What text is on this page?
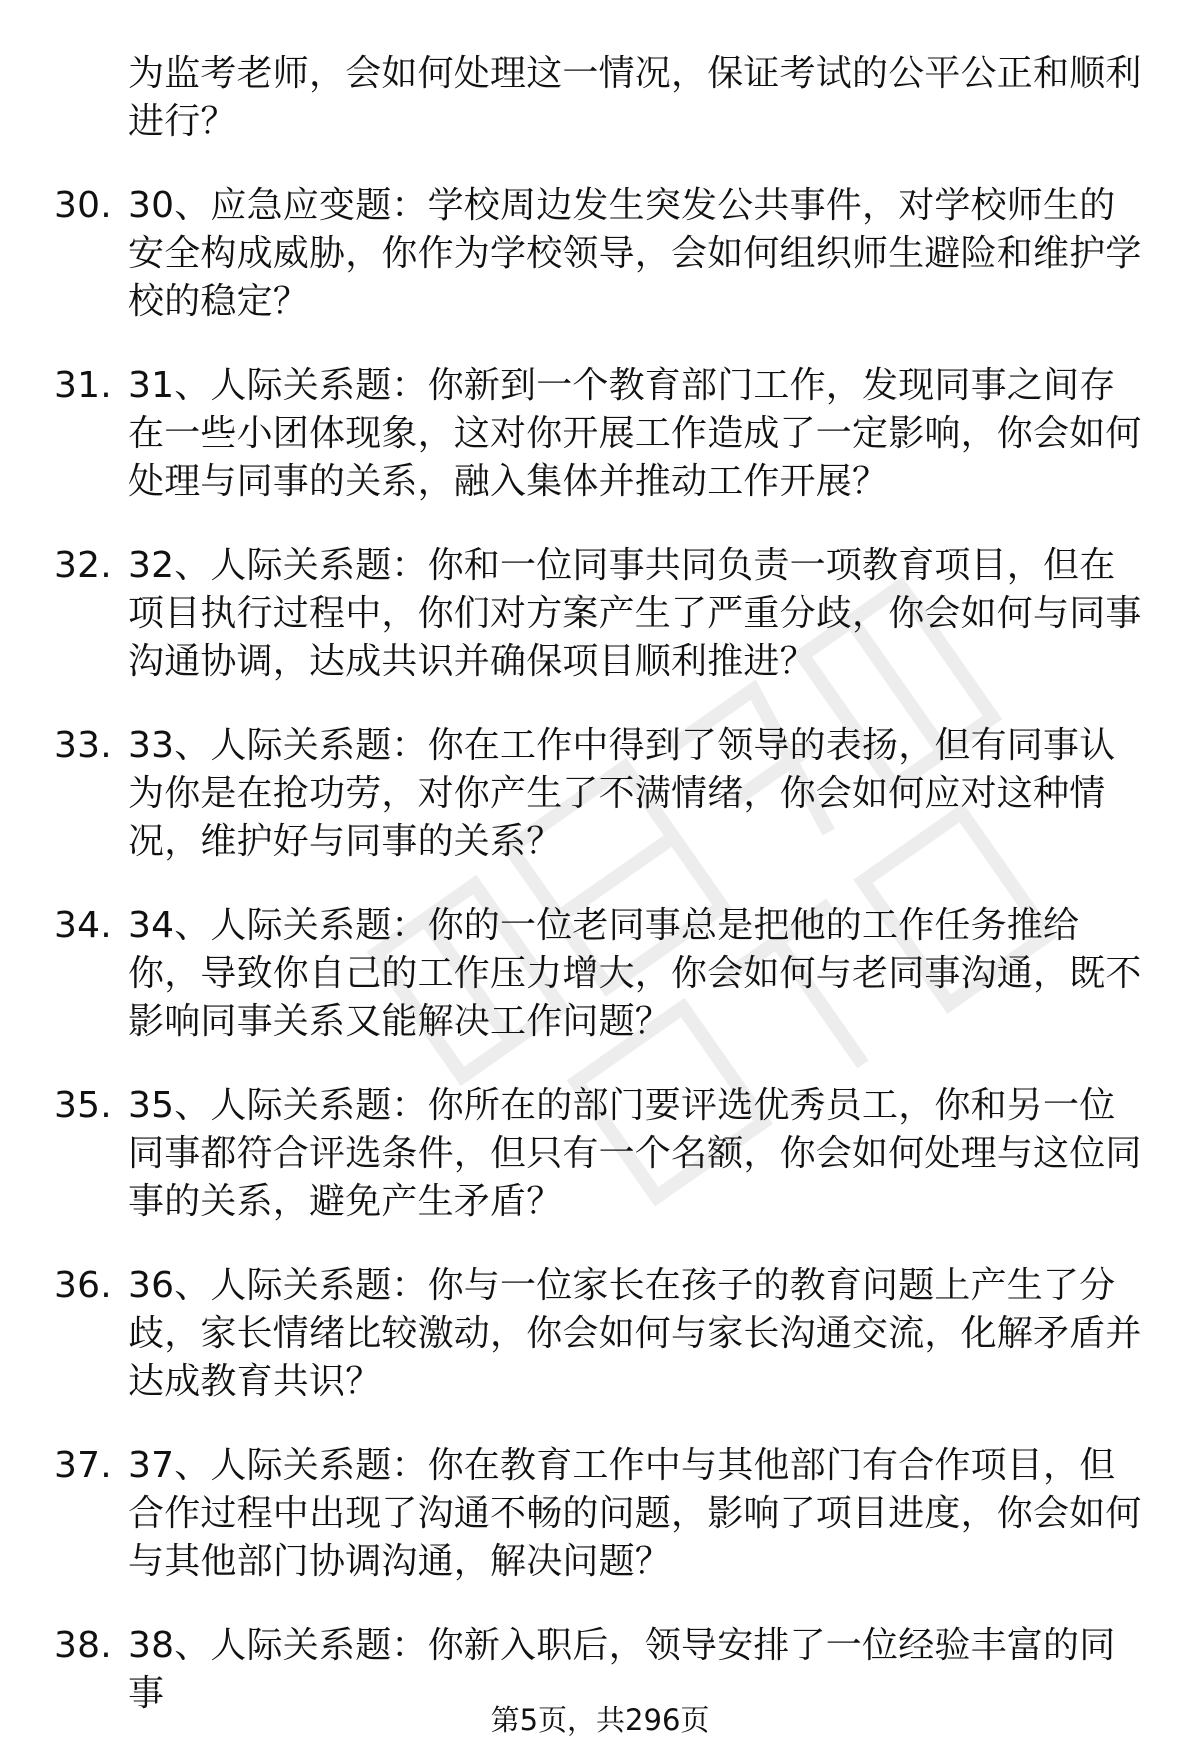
为监考老师，会如何处理这一情况，保证考试的公平公正和顺利进行？
30. 30、应急应变题：学校周边发生突发公共事件，对学校师生的安全构成威胁，你作为学校领导，会如何组织师生避险和维护学校的稳定？
31. 31、人际关系题：你新到一个教育部门工作，发现同事之间存在一些小团体现象，这对你开展工作造成了一定影响，你会如何处理与同事的关系，融入集体并推动工作开展？
32. 32、人际关系题：你和一位同事共同负责一项教育项目，但在项目执行过程中，你们对方案产生了严重分歧，你会如何与同事沟通协调，达成共识并确保项目顺利推进？
33. 33、人际关系题：你在工作中得到了领导的表扬，但有同事认为你是在抢功劳，对你产生了不满情绪，你会如何应对这种情况，维护好与同事的关系？
34. 34、人际关系题：你的一位老同事总是把他的工作任务推给你，导致你自己的工作压力增大，你会如何与老同事沟通，既不影响同事关系又能解决工作问题？
35. 35、人际关系题：你所在的部门要评选优秀员工，你和另一位同事都符合评选条件，但只有一个名额，你会如何处理与这位同事的关系，避免产生矛盾？
36. 36、人际关系题：你与一位家长在孩子的教育问题上产生了分歧，家长情绪比较激动，你会如何与家长沟通交流，化解矛盾并达成教育共识？
37. 37、人际关系题：你在教育工作中与其他部门有合作项目，但合作过程中出现了沟通不畅的问题，影响了项目进度，你会如何与其他部门协调沟通，解决问题？
38. 38、人际关系题：你新入职后，领导安排了一位经验丰富的同事
第5页，共296页
